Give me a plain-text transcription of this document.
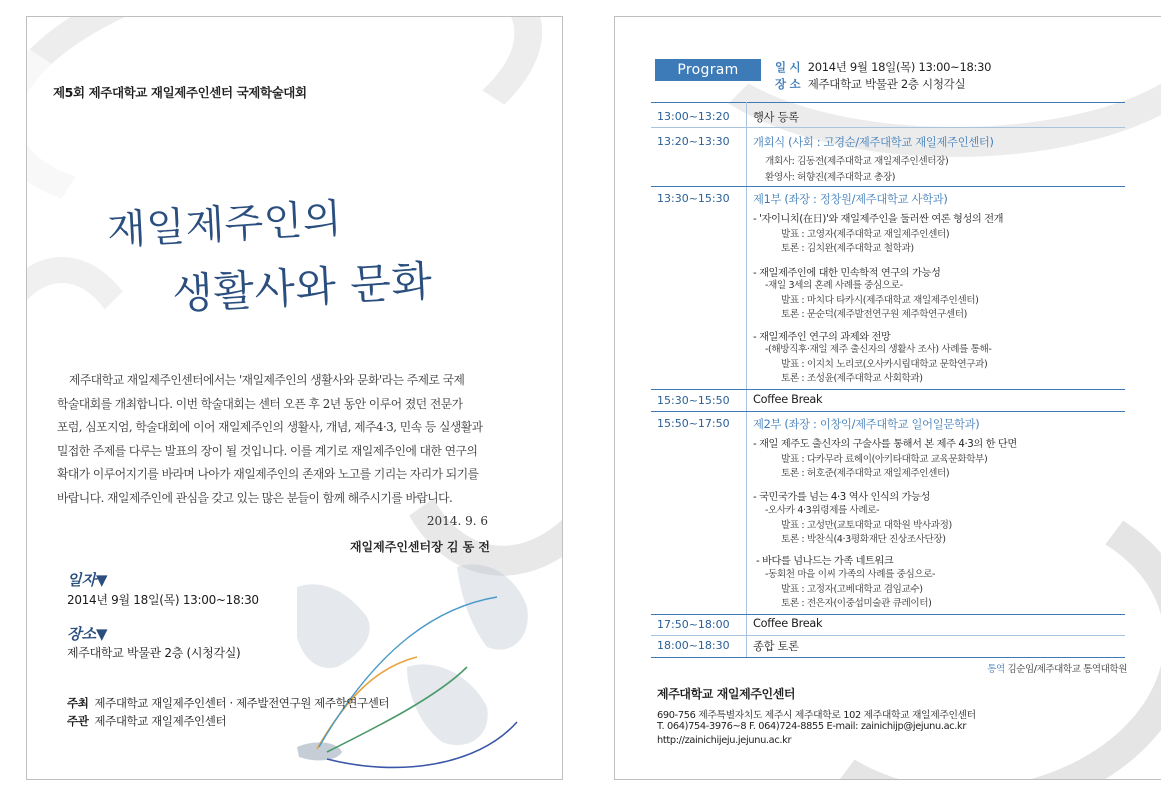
제5회 제주대학교 재일제주인센터 국제학술대회
재일제주인의
생활사와 문화

제주대학교 재일제주인센터에서는 '재일제주인의 생활사와 문화'라는 주제로 국제

학술대회를 개최합니다. 이번 학술대회는 센터 오픈 후 2년 동안 이루어 졌던 전문가
포럼, 심포지엄, 학술대회에 이어 재일제주인의 생활사, 개념, 제주4·3, 민속 등 실생활과
밀접한 주제를 다루는 발표의 장이 될 것입니다. 이를 계기로 재일제주인에 대한 연구의
확대가 이루어지기를 바라며 나아가 재일제주인의 존재와 노고를 기리는 자리가 되기를
바랍니다. 재일제주인에 관심을 갖고 있는 많은 분들이 함께 해주시기를 바랍니다.
2014. 9. 6
재일제주인센터장 김 동 전
일자▼
2014년 9월 18일(목) 13:00~18:30
장소▼
제주대학교 박물관 2층 (시청각실)
주최 제주대학교 재일제주인센터 · 제주발전연구원 제주학연구센터
주관 제주대학교 재일제주인센터
Program	일 시 2014년 9월 18일(목) 13:00~18:30
장 소 제주대학교 박물관 2층 시청각실
13:00~13:20 행사 등록
13:20~13:30 개회식 (사회 : 고경순/제주대학교 재일제주인센터)
개회사: 김동전(제주대학교 재일제주인센터장)
환영사: 허향진(제주대학교 총장)
13:30~15:30 제1부 (좌장 : 정창원/제주대학교 사학과)
- '자이니치(在日)'와 재일제주인을 둘러싼 여론 형성의 전개
발표 : 고영자(제주대학교 재일제주인센터)
토론 : 김치완(제주대학교 철학과)
- 재일제주인에 대한 민속학적 연구의 가능성
-재일 3세의 혼례 사례를 중심으로-
발표 : 마치다 타카시(제주대학교 재일제주인센터)
토론 : 문순덕(제주발전연구원 제주학연구센터)
- 재일제주인 연구의 과제와 전망
-(해방직후·재일 제주 출신자의 생활사 조사) 사례를 통해-
발표 : 이지치 노리코(오사카시립대학교 문학연구과)
토론 : 조성윤(제주대학교 사회학과)
15:30~15:50 Coffee Break
15:50~17:50 제2부 (좌장 : 이창익/제주대학교 일어일문학과)
- 재일 제주도 출신자의 구술사를 통해서 본 제주 4·3의 한 단면
발표 : 다카무라 료헤이(아키타대학교 교육문화학부)
토론 : 허호준(제주대학교 재일제주인센터)
- 국민국가를 넘는 4·3 역사 인식의 가능성
-오사카 4·3위령제를 사례로-
발표 : 고성만(교토대학교 대학원 박사과정)
토론 : 박찬식(4·3평화재단 진상조사단장)
- 바다를 넘나드는 가족 네트워크
-동회천 마을 이씨 가족의 사례를 중심으로-
발표 : 고정자(고베대학교 겸임교수)
토론 : 전은자(이중섭미술관 큐레이터)
17:50~18:00 Coffee Break
18:00~18:30 종합 토론
통역 김순임/제주대학교 통역대학원
제주대학교 재일제주인센터
690-756 제주특별자치도 제주시 제주대학로 102 제주대학교 재일제주인센터
T. 064)754-3976~8 F. 064)724-8855 E-mail: zainichijp@jejunu.ac.kr
http://zainichijeju.jejunu.ac.kr
